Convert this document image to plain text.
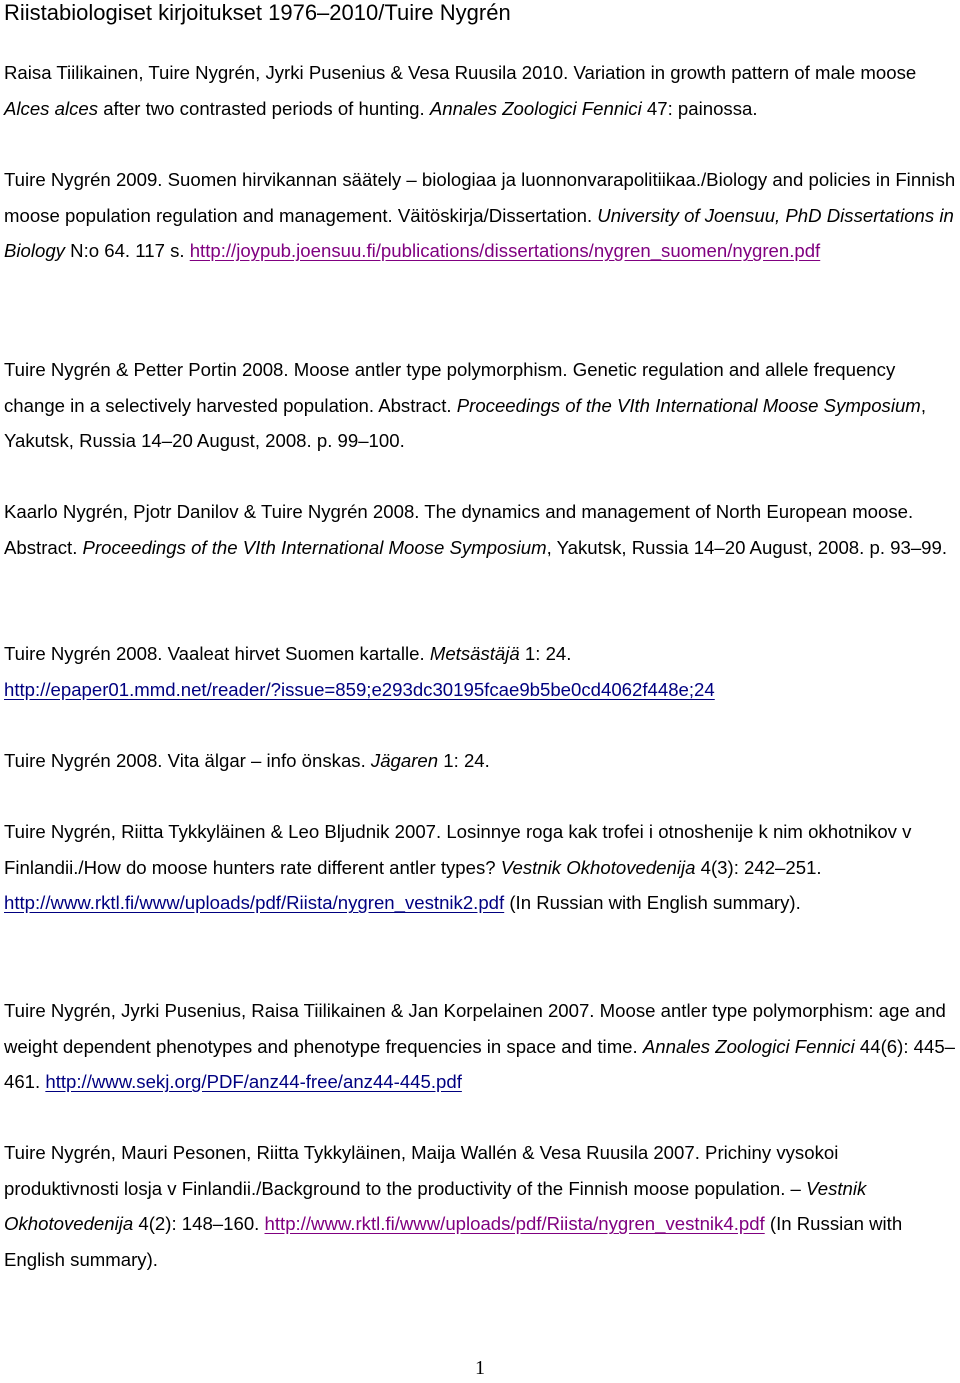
Riistabiologiset kirjoitukset 1976–2010/Tuire Nygrén
Raisa Tiilikainen, Tuire Nygrén, Jyrki Pusenius & Vesa Ruusila 2010. Variation in growth pattern of male moose Alces alces after two contrasted periods of hunting. Annales Zoologici Fennici 47: painossa.
Tuire Nygrén 2009. Suomen hirvikannan säätely – biologiaa ja luonnonvarapolitiikaa./Biology and policies in Finnish moose population regulation and management. Väitöskirja/Dissertation. University of Joensuu, PhD Dissertations in Biology N:o 64. 117 s. http://joypub.joensuu.fi/publications/dissertations/nygren_suomen/nygren.pdf
Tuire Nygrén & Petter Portin 2008. Moose antler type polymorphism. Genetic regulation and allele frequency change in a selectively harvested population. Abstract. Proceedings of the VIth International Moose Symposium, Yakutsk, Russia 14–20 August, 2008. p. 99–100.
Kaarlo Nygrén, Pjotr Danilov & Tuire Nygrén 2008. The dynamics and management of North European moose. Abstract. Proceedings of the VIth International Moose Symposium, Yakutsk, Russia 14–20 August, 2008. p. 93–99.
Tuire Nygrén 2008. Vaaleat hirvet Suomen kartalle. Metsästäjä 1: 24.
http://epaper01.mmd.net/reader/?issue=859;e293dc30195fcae9b5be0cd4062f448e;24
Tuire Nygrén 2008. Vita älgar – info önskas. Jägaren 1: 24.
Tuire Nygrén, Riitta Tykkyläinen & Leo Bljudnik 2007. Losinnye roga kak trofei i otnoshenije k nim okhotnikov v Finlandii./How do moose hunters rate different antler types? Vestnik Okhotovedenija 4(3): 242–251. http://www.rktl.fi/www/uploads/pdf/Riista/nygren_vestnik2.pdf (In Russian with English summary).
Tuire Nygrén, Jyrki Pusenius, Raisa Tiilikainen & Jan Korpelainen 2007. Moose antler type polymorphism: age and weight dependent phenotypes and phenotype frequencies in space and time. Annales Zoologici Fennici 44(6): 445–461. http://www.sekj.org/PDF/anz44-free/anz44-445.pdf
Tuire Nygrén, Mauri Pesonen, Riitta Tykkyläinen, Maija Wallén & Vesa Ruusila 2007. Prichiny vysokoi produktivnosti losja v Finlandii./Background to the productivity of the Finnish moose population. – Vestnik Okhotovedenija 4(2): 148–160. http://www.rktl.fi/www/uploads/pdf/Riista/nygren_vestnik4.pdf (In Russian with English summary).
1
